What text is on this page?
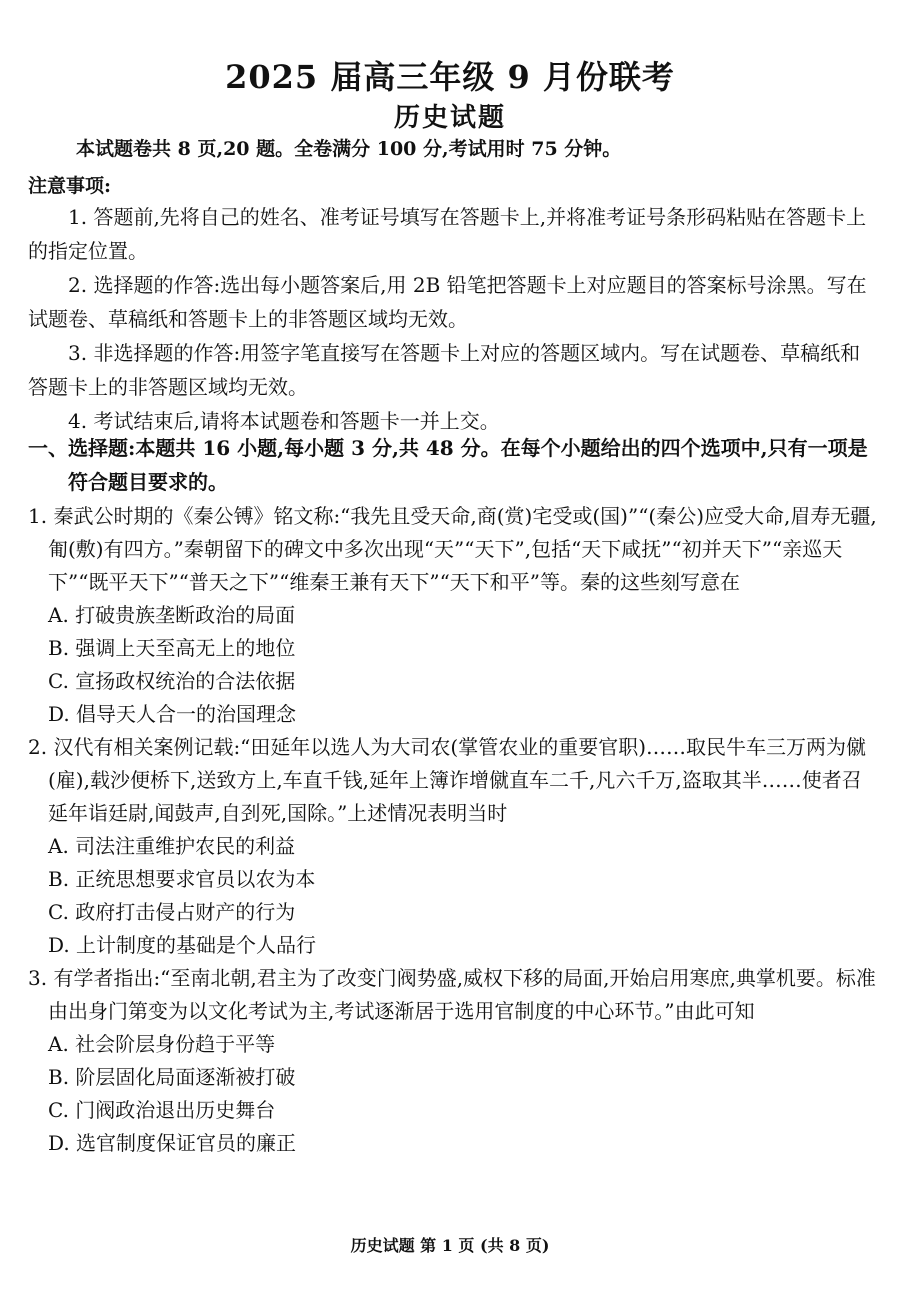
2025 届高三年级 9 月份联考
历史试题
本试题卷共 8 页,20 题。全卷满分 100 分,考试用时 75 分钟。
注意事项:

1. 答题前,先将自己的姓名、准考证号填写在答题卡上,并将准考证号条形码粘贴在答题卡上的指定位置。

2. 选择题的作答:选出每小题答案后,用 2B 铅笔把答题卡上对应题目的答案标号涂黑。写在试题卷、草稿纸和答题卡上的非答题区域均无效。

3. 非选择题的作答:用签字笔直接写在答题卡上对应的答题区域内。写在试题卷、草稿纸和答题卡上的非答题区域均无效。

4. 考试结束后,请将本试题卷和答题卡一并上交。

一、选择题:本题共 16 小题,每小题 3 分,共 48 分。在每个小题给出的四个选项中,只有一项是符合题目要求的。

1. 秦武公时期的《秦公镈》铭文称:“我先且受天命,商(赏)宅受或(国)”“(秦公)应受大命,眉寿无疆,匍(敷)有四方。”秦朝留下的碑文中多次出现“天”“天下”,包括“天下咸抚”“初并天下”“亲巡天下”“既平天下”“普天之下”“维秦王兼有天下”“天下和平”等。秦的这些刻写意在

A. 打破贵族垄断政治的局面

B. 强调上天至高无上的地位

C. 宣扬政权统治的合法依据

D. 倡导天人合一的治国理念

2. 汉代有相关案例记载:“田延年以选人为大司农(掌管农业的重要官职)……取民牛车三万两为僦(雇),载沙便桥下,送致方上,车直千钱,延年上簿诈增僦直车二千,凡六千万,盗取其半……使者召延年诣廷尉,闻鼓声,自刭死,国除。”上述情况表明当时

A. 司法注重维护农民的利益

B. 正统思想要求官员以农为本

C. 政府打击侵占财产的行为

D. 上计制度的基础是个人品行

3. 有学者指出:“至南北朝,君主为了改变门阀势盛,威权下移的局面,开始启用寒庶,典掌机要。标准由出身门第变为以文化考试为主,考试逐渐居于选用官制度的中心环节。”由此可知

A. 社会阶层身份趋于平等

B. 阶层固化局面逐渐被打破

C. 门阀政治退出历史舞台

D. 选官制度保证官员的廉正

历史试题 第 1 页 (共 8 页)
